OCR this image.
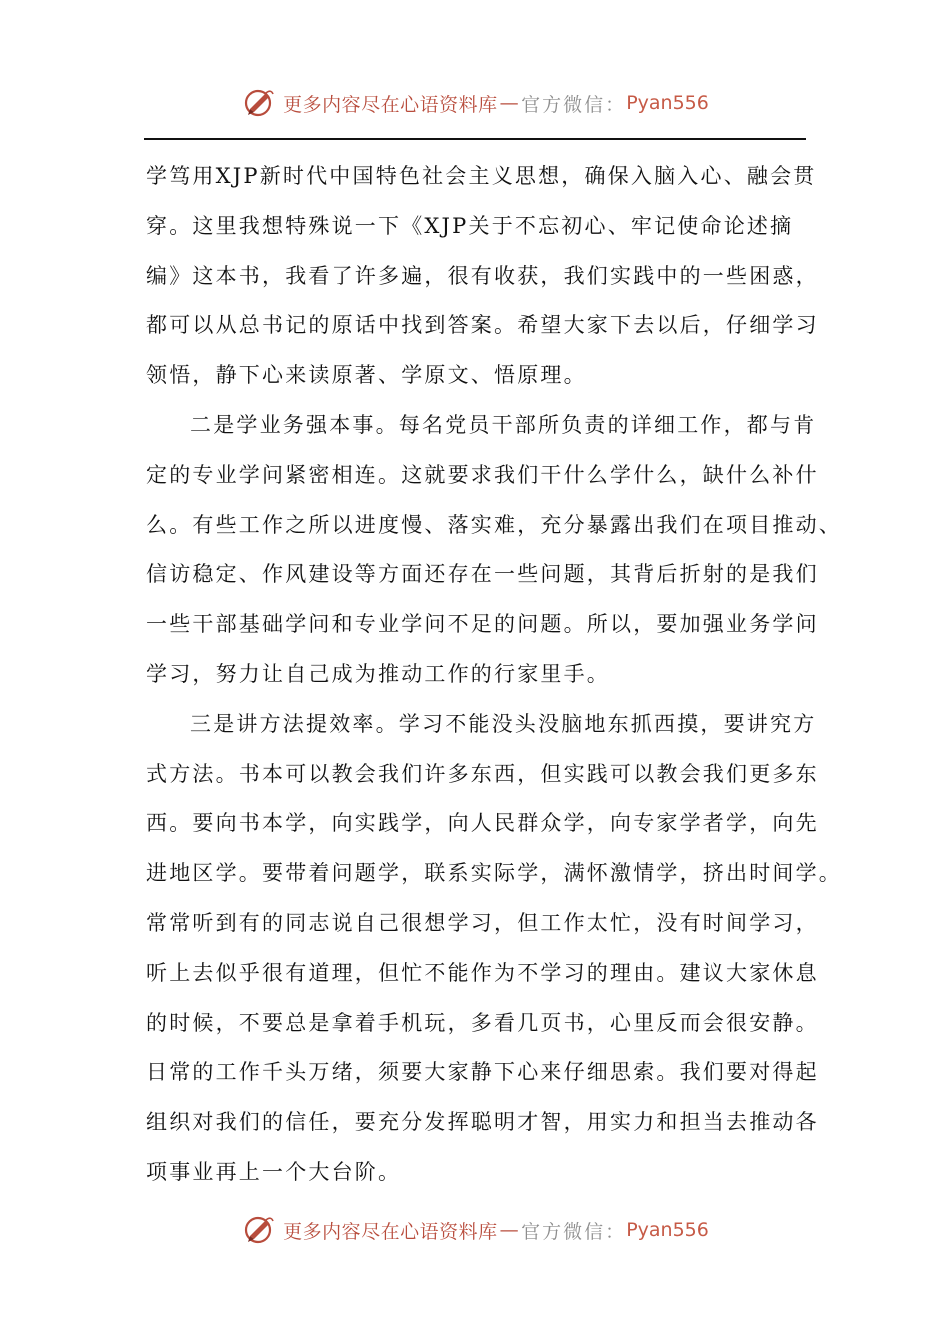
更多内容尽在心语资料库 — 官方微信： Pyan556
学笃用XJP新时代中国特色社会主义思想，确保入脑入心、融会贯
穿。这里我想特殊说一下《XJP关于不忘初心、牢记使命论述摘
编》这本书，我看了许多遍，很有收获，我们实践中的一些困惑，
都可以从总书记的原话中找到答案。希望大家下去以后，仔细学习
领悟，静下心来读原著、学原文、悟原理。
二是学业务强本事。每名党员干部所负责的详细工作，都与肯
定的专业学问紧密相连。这就要求我们干什么学什么，缺什么补什
么。有些工作之所以进度慢、落实难，充分暴露出我们在项目推动、
信访稳定、作风建设等方面还存在一些问题，其背后折射的是我们
一些干部基础学问和专业学问不足的问题。所以，要加强业务学问
学习，努力让自己成为推动工作的行家里手。
三是讲方法提效率。学习不能没头没脑地东抓西摸，要讲究方
式方法。书本可以教会我们许多东西，但实践可以教会我们更多东
西。要向书本学，向实践学，向人民群众学，向专家学者学，向先
进地区学。要带着问题学，联系实际学，满怀激情学，挤出时间学。
常常听到有的同志说自己很想学习，但工作太忙，没有时间学习，
听上去似乎很有道理，但忙不能作为不学习的理由。建议大家休息
的时候，不要总是拿着手机玩，多看几页书，心里反而会很安静。
日常的工作千头万绪，须要大家静下心来仔细思索。我们要对得起
组织对我们的信任，要充分发挥聪明才智，用实力和担当去推动各
项事业再上一个大台阶。
更多内容尽在心语资料库 — 官方微信： Pyan556
